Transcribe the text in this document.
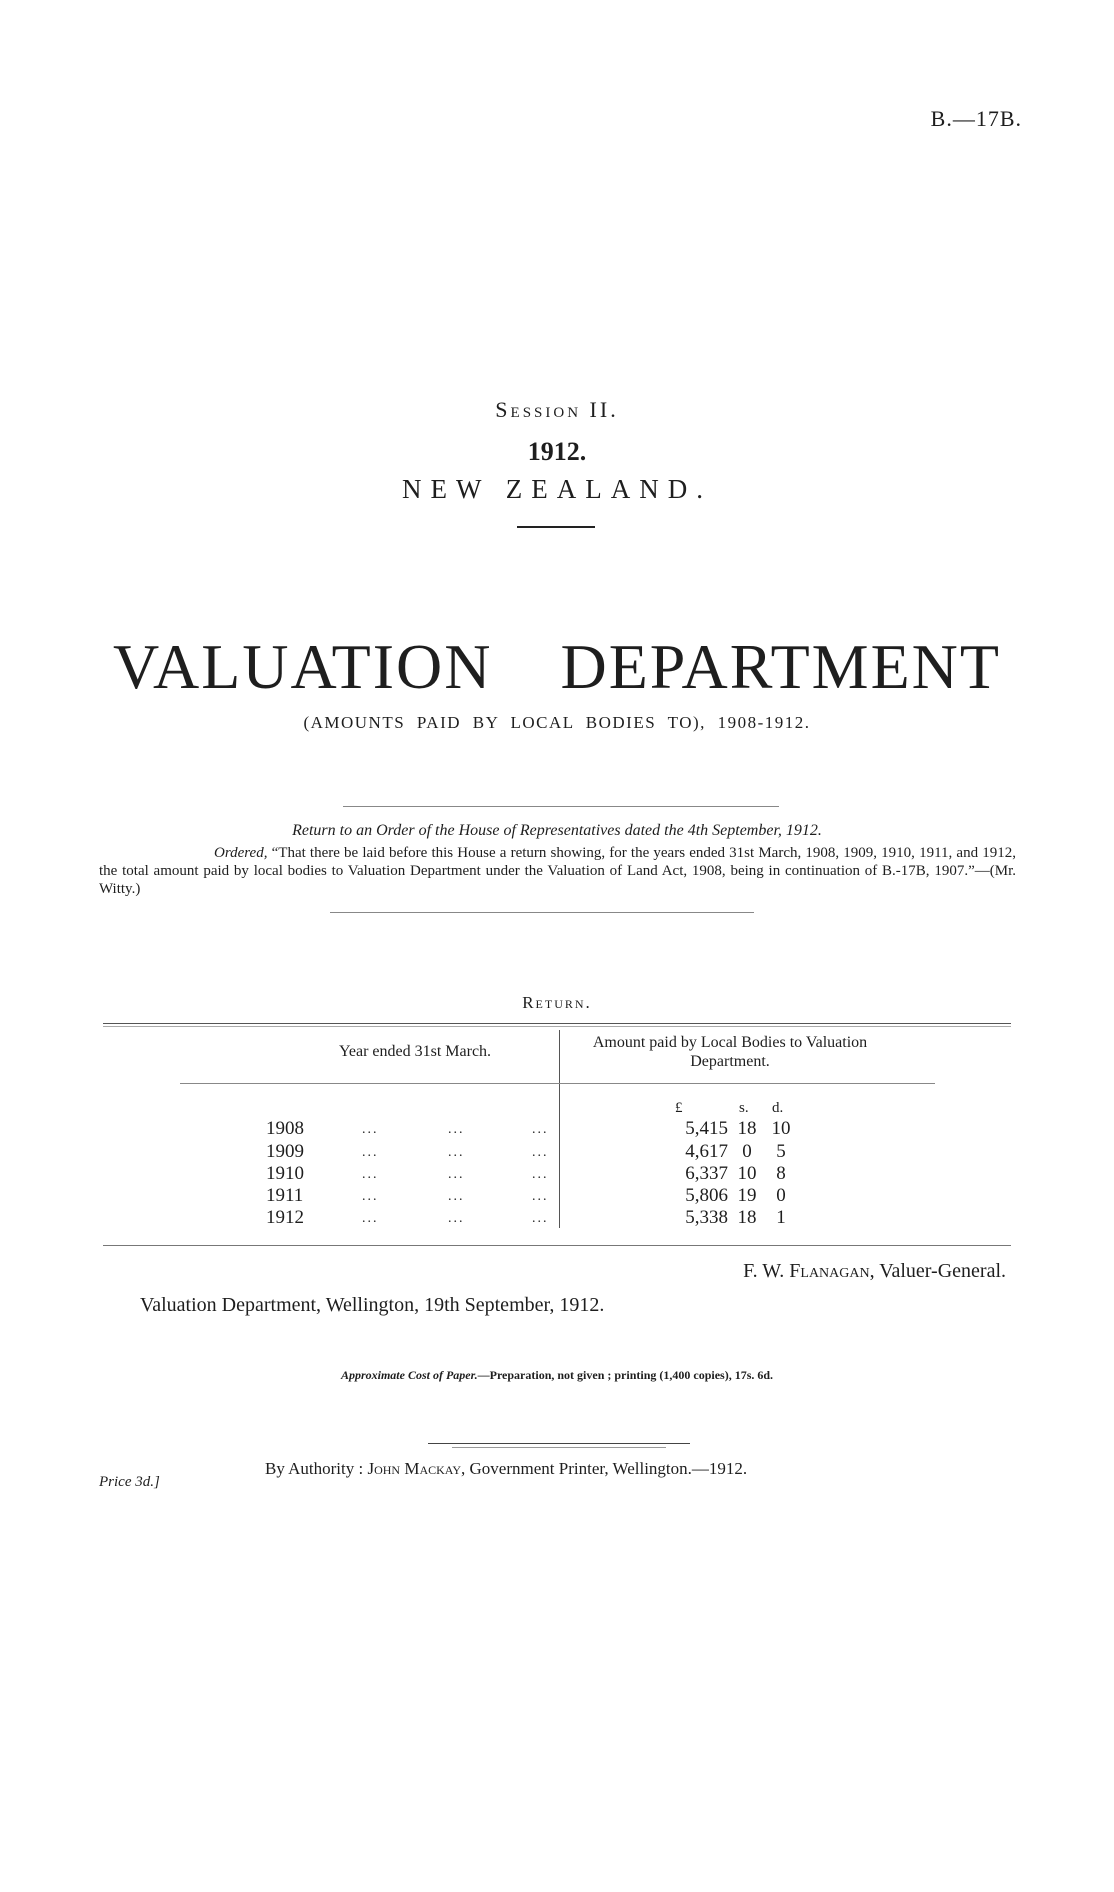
B.—17B.
Session II.
1912.
NEW ZEALAND.
VALUATION DEPARTMENT
(AMOUNTS PAID BY LOCAL BODIES TO), 1908-1912.
Return to an Order of the House of Representatives dated the 4th September, 1912.
Ordered, “That there be laid before this House a return showing, for the years ended 31st March, 1908, 1909, 1910, 1911, and 1912, the total amount paid by local bodies to Valuation Department under the Valuation of Land Act, 1908, being in continuation of B.-17B, 1907.”—(Mr. Witty.)
Return.
Year ended 31st March.
Amount paid by Local Bodies to Valuation Department.
£	s. d.
1908	...	...	...	5,415 18 10
1909	...	...	...	4,617 0	5
1910	...	...	...	6,337 10	8
1911	...	...	...	5,806 19	0
1912	...	...	...	5,338 18	1
F. W. Flanagan, Valuer-General.
Valuation Department, Wellington, 19th September, 1912.
Approximate Cost of Paper.—Preparation, not given ; printing (1,400 copies), 17s. 6d.
By Authority : John Mackay, Government Printer, Wellington.—1912.
Price 3d.]
